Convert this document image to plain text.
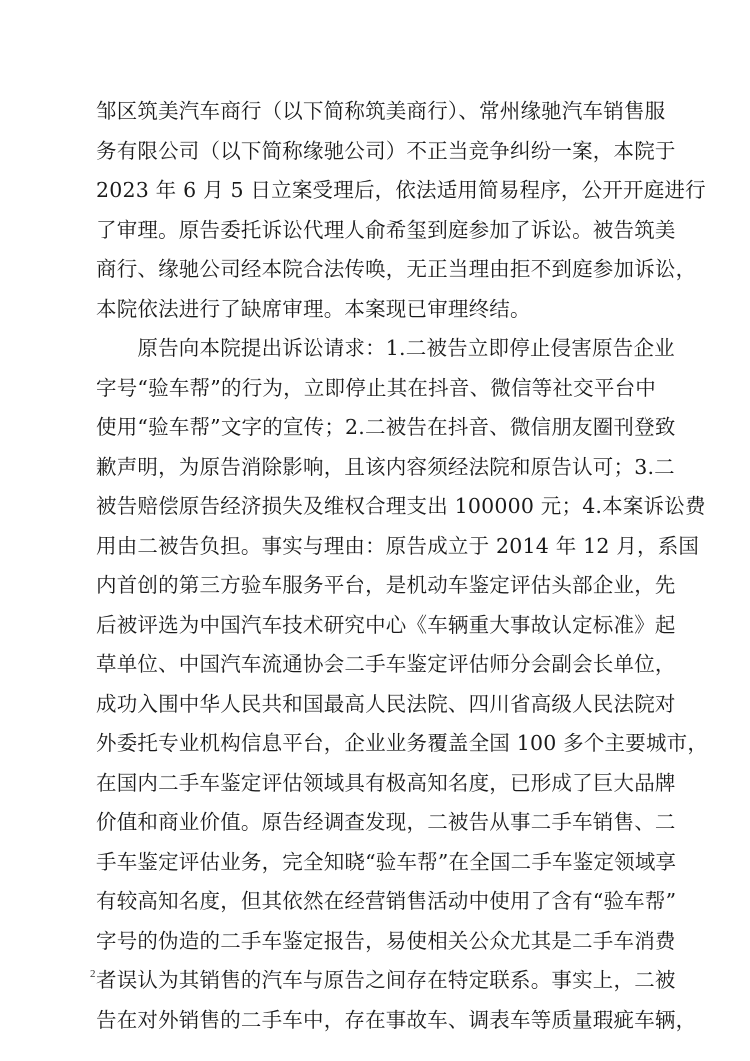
邹区筑美汽车商行（以下简称筑美商行）、常州缘驰汽车销售服
务有限公司（以下简称缘驰公司）不正当竞争纠纷一案，本院于
2023 年 6 月 5 日立案受理后，依法适用简易程序，公开开庭进行
了审理。原告委托诉讼代理人俞希玺到庭参加了诉讼。被告筑美
商行、缘驰公司经本院合法传唤，无正当理由拒不到庭参加诉讼，
本院依法进行了缺席审理。本案现已审理终结。
　　原告向本院提出诉讼请求：1.二被告立即停止侵害原告企业
字号“验车帮”的行为，立即停止其在抖音、微信等社交平台中
使用“验车帮”文字的宣传；2.二被告在抖音、微信朋友圈刊登致
歉声明，为原告消除影响，且该内容须经法院和原告认可；3.二
被告赔偿原告经济损失及维权合理支出 100000 元；4.本案诉讼费
用由二被告负担。事实与理由：原告成立于 2014 年 12 月，系国
内首创的第三方验车服务平台，是机动车鉴定评估头部企业，先
后被评选为中国汽车技术研究中心《车辆重大事故认定标准》起
草单位、中国汽车流通协会二手车鉴定评估师分会副会长单位，
成功入围中华人民共和国最高人民法院、四川省高级人民法院对
外委托专业机构信息平台，企业业务覆盖全国 100 多个主要城市，
在国内二手车鉴定评估领域具有极高知名度，已形成了巨大品牌
价值和商业价值。原告经调查发现，二被告从事二手车销售、二
手车鉴定评估业务，完全知晓“验车帮”在全国二手车鉴定领域享
有较高知名度，但其依然在经营销售活动中使用了含有“验车帮”
字号的伪造的二手车鉴定报告，易使相关公众尤其是二手车消费
者误认为其销售的汽车与原告之间存在特定联系。事实上，二被
告在对外销售的二手车中，存在事故车、调表车等质量瑕疵车辆，
2
